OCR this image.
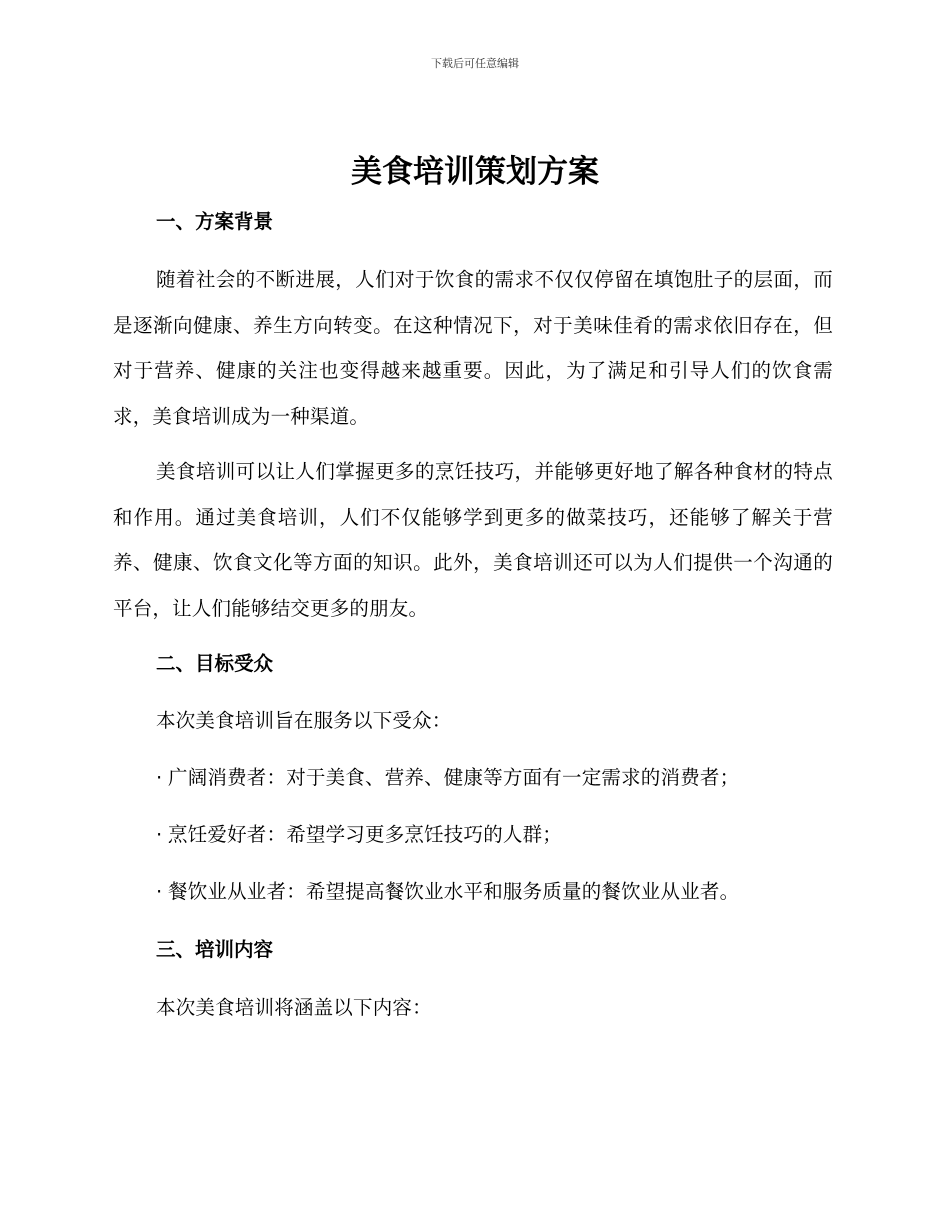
下载后可任意编辑
美食培训策划方案
一、方案背景

随着社会的不断进展，人们对于饮食的需求不仅仅停留在填饱肚子的层面，而是逐渐向健康、养生方向转变。在这种情况下，对于美味佳肴的需求依旧存在，但对于营养、健康的关注也变得越来越重要。因此，为了满足和引导人们的饮食需求，美食培训成为一种渠道。

美食培训可以让人们掌握更多的烹饪技巧，并能够更好地了解各种食材的特点和作用。通过美食培训，人们不仅能够学到更多的做菜技巧，还能够了解关于营养、健康、饮食文化等方面的知识。此外，美食培训还可以为人们提供一个沟通的平台，让人们能够结交更多的朋友。

二、目标受众
本次美食培训旨在服务以下受众：
· 广阔消费者：对于美食、营养、健康等方面有一定需求的消费者；
· 烹饪爱好者：希望学习更多烹饪技巧的人群；
· 餐饮业从业者：希望提高餐饮业水平和服务质量的餐饮业从业者。
三、培训内容
本次美食培训将涵盖以下内容：
